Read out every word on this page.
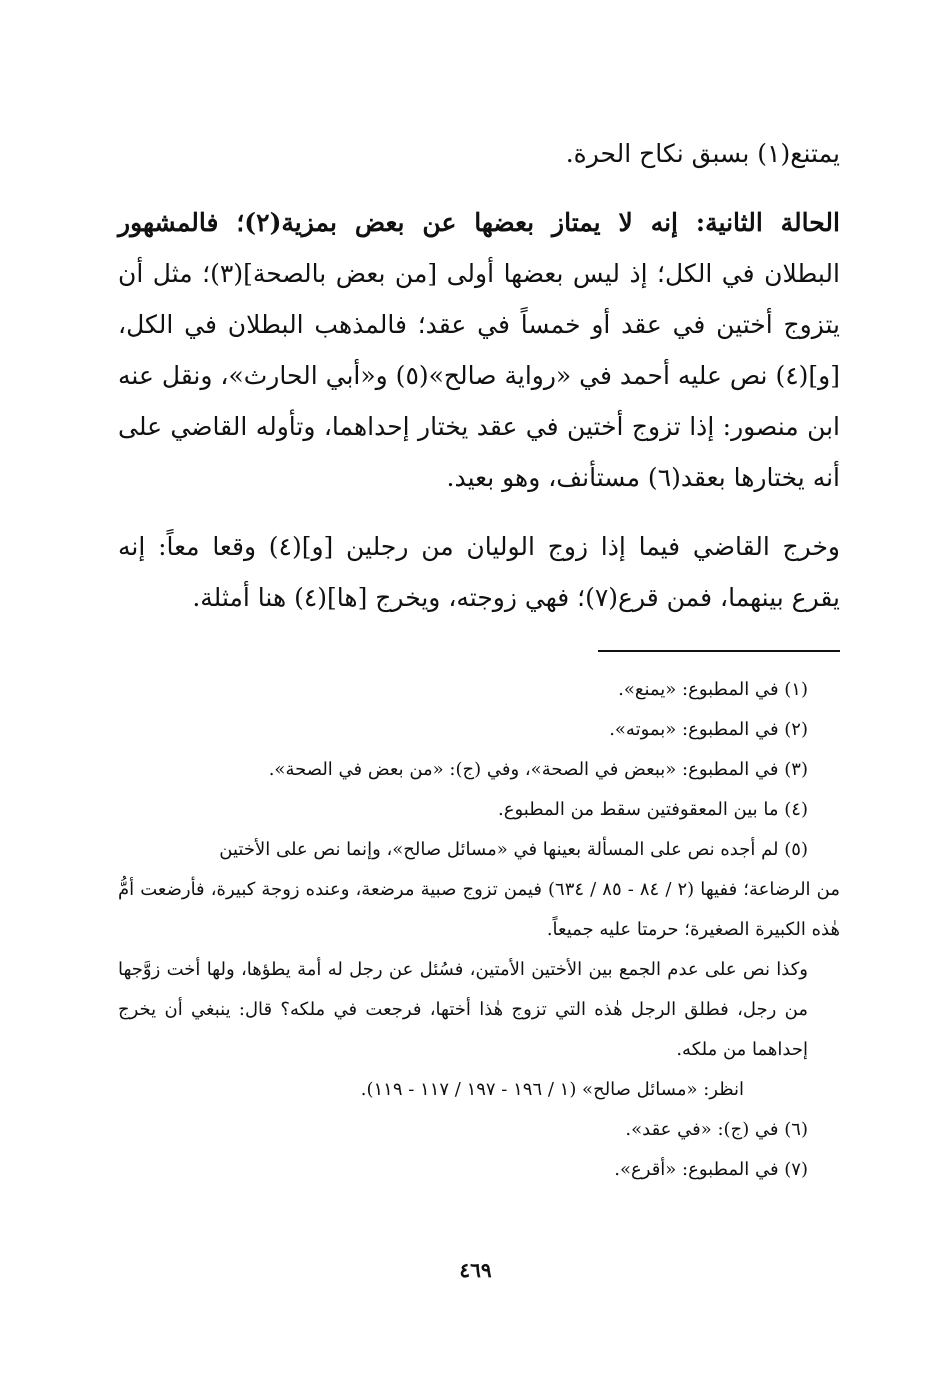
يمتنع(١) بسبق نكاح الحرة.

الحالة الثانية: إنه لا يمتاز بعضها عن بعض بمزية(٢)؛ فالمشهور البطلان في الكل؛ إذ ليس بعضها أولى [من بعض بالصحة](٣)؛ مثل أن يتزوج أختين في عقد أو خمساً في عقد؛ فالمذهب البطلان في الكل، [و](٤) نص عليه أحمد في «رواية صالح»(٥) و«أبي الحارث»، ونقل عنه ابن منصور: إذا تزوج أختين في عقد يختار إحداهما، وتأوله القاضي على أنه يختارها بعقد(٦) مستأنف، وهو بعيد.

وخرج القاضي فيما إذا زوج الوليان من رجلين [و](٤) وقعا معاً: إنه يقرع بينهما، فمن قرع(٧)؛ فهي زوجته، ويخرج [ها](٤) هنا أمثلة.

(١) في المطبوع: «يمنع».

(٢) في المطبوع: «بموته».

(٣) في المطبوع: «ببعض في الصحة»، وفي (ج): «من بعض في الصحة».

(٤) ما بين المعقوفتين سقط من المطبوع.

(٥) لم أجده نص على المسألة بعينها في «مسائل صالح»، وإنما نص على الأختين

من الرضاعة؛ ففيها (٢ / ٨٤ - ٨٥ / ٦٣٤) فيمن تزوج صبية مرضعة، وعنده زوجة كبيرة، فأرضعت أمُّ هٰذه الكبيرة الصغيرة؛ حرمتا عليه جميعاً.

وكذا نص على عدم الجمع بين الأختين الأمتين، فسُئل عن رجل له أمة يطؤها، ولها أخت زوَّجها من رجل، فطلق الرجل هٰذه التي تزوج هٰذا أختها، فرجعت في ملكه؟ قال: ينبغي أن يخرج إحداهما من ملكه.

انظر: «مسائل صالح» (١ / ١٩٦ - ١٩٧ / ١١٧ - ١١٩).

(٦) في (ج): «في عقد».

(٧) في المطبوع: «أقرع».

٤٦٩
